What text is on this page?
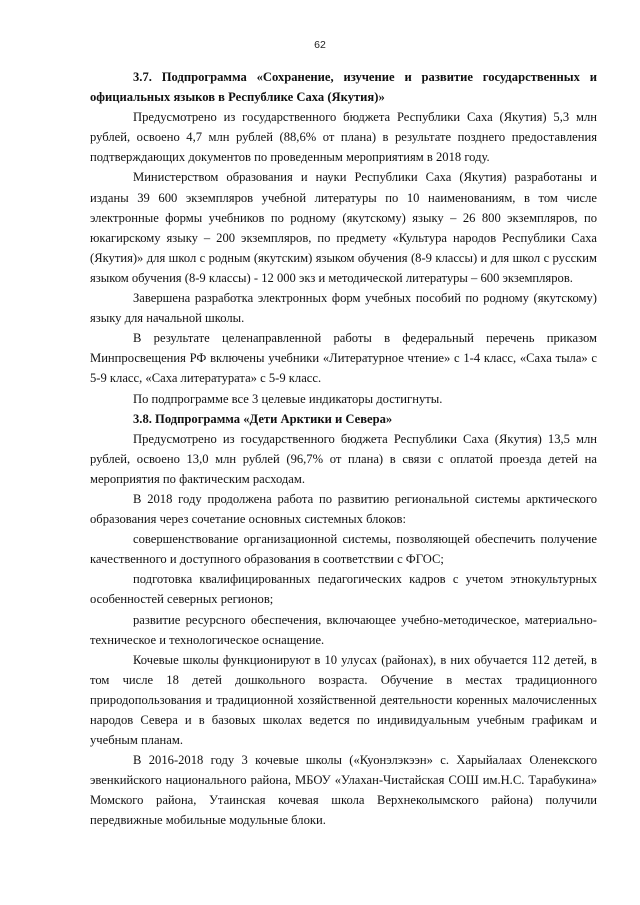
62

3.7. Подпрограмма «Сохранение, изучение и развитие государственных и официальных языков в Республике Саха (Якутия)»

Предусмотрено из государственного бюджета Республики Саха (Якутия) 5,3 млн рублей, освоено 4,7 млн рублей (88,6% от плана) в результате позднего предоставления подтверждающих документов по проведенным мероприятиям в 2018 году.

Министерством образования и науки Республики Саха (Якутия) разработаны и изданы 39 600 экземпляров учебной литературы по 10 наименованиям, в том числе электронные формы учебников по родному (якутскому) языку – 26 800 экземпляров, по юкагирскому языку – 200 экземпляров, по предмету «Культура народов Республики Саха (Якутия)» для школ с родным (якутским) языком обучения (8-9 классы) и для школ с русским языком обучения (8-9 классы) - 12 000 экз и методической литературы – 600 экземпляров.

Завершена разработка электронных форм учебных пособий по родному (якутскому) языку для начальной школы.

В результате целенаправленной работы в федеральный перечень приказом Минпросвещения РФ включены учебники «Литературное чтение» с 1-4 класс, «Саха тыла» с 5-9 класс, «Саха литературата» с 5-9 класс.

По подпрограмме все 3 целевые индикаторы достигнуты.

3.8. Подпрограмма «Дети Арктики и Севера»

Предусмотрено из государственного бюджета Республики Саха (Якутия) 13,5 млн рублей, освоено 13,0 млн рублей (96,7% от плана) в связи с оплатой проезда детей на мероприятия по фактическим расходам.

В 2018 году продолжена работа по развитию региональной системы арктического образования через сочетание основных системных блоков:

совершенствование организационной системы, позволяющей обеспечить получение качественного и доступного образования в соответствии с ФГОС;

подготовка квалифицированных педагогических кадров с учетом этнокультурных особенностей северных регионов;

развитие ресурсного обеспечения, включающее учебно-методическое, материально-техническое и технологическое оснащение.

Кочевые школы функционируют в 10 улусах (районах), в них обучается 112 детей, в том числе 18 детей дошкольного возраста. Обучение в местах традиционного природопользования и традиционной хозяйственной деятельности коренных малочисленных народов Севера и в базовых школах ведется по индивидуальным учебным графикам и учебным планам.

В 2016-2018 году 3 кочевые школы («Куонэлэкээн» с. Харыйалаах Оленекского эвенкийского национального района, МБОУ «Улахан-Чистайская СОШ им.Н.С. Тарабукина» Момского района, Утаинская кочевая школа Верхнеколымского района) получили передвижные мобильные модульные блоки.
